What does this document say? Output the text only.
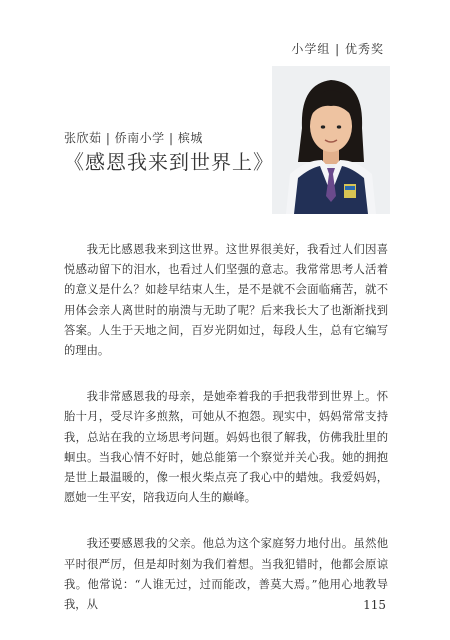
小学组 | 优秀奖
张欣茹 | 侨南小学 | 槟城
《感恩我来到世界上》

我无比感恩我来到这世界。这世界很美好，我看过人们因喜悦感动留下的泪水，也看过人们坚强的意志。我常常思考人活着的意义是什么？如趁早结束人生，是不是就不会面临痛苦，就不用体会亲人离世时的崩溃与无助了呢？后来我长大了也渐渐找到答案。人生于天地之间，百岁光阴如过，每段人生，总有它编写的理由。

我非常感恩我的母亲，是她牵着我的手把我带到世界上。怀胎十月，受尽许多煎熬，可她从不抱怨。现实中，妈妈常常支持我，总站在我的立场思考问题。妈妈也很了解我，仿佛我肚里的蛔虫。当我心情不好时，她总能第一个察觉并关心我。她的拥抱是世上最温暖的，像一根火柴点亮了我心中的蜡烛。我爱妈妈，愿她一生平安，陪我迈向人生的巅峰。

我还要感恩我的父亲。他总为这个家庭努力地付出。虽然他平时很严厉，但是却时刻为我们着想。当我犯错时，他都会原谅我。他常说：“人谁无过，过而能改，善莫大焉。”他用心地教导我，从	115
